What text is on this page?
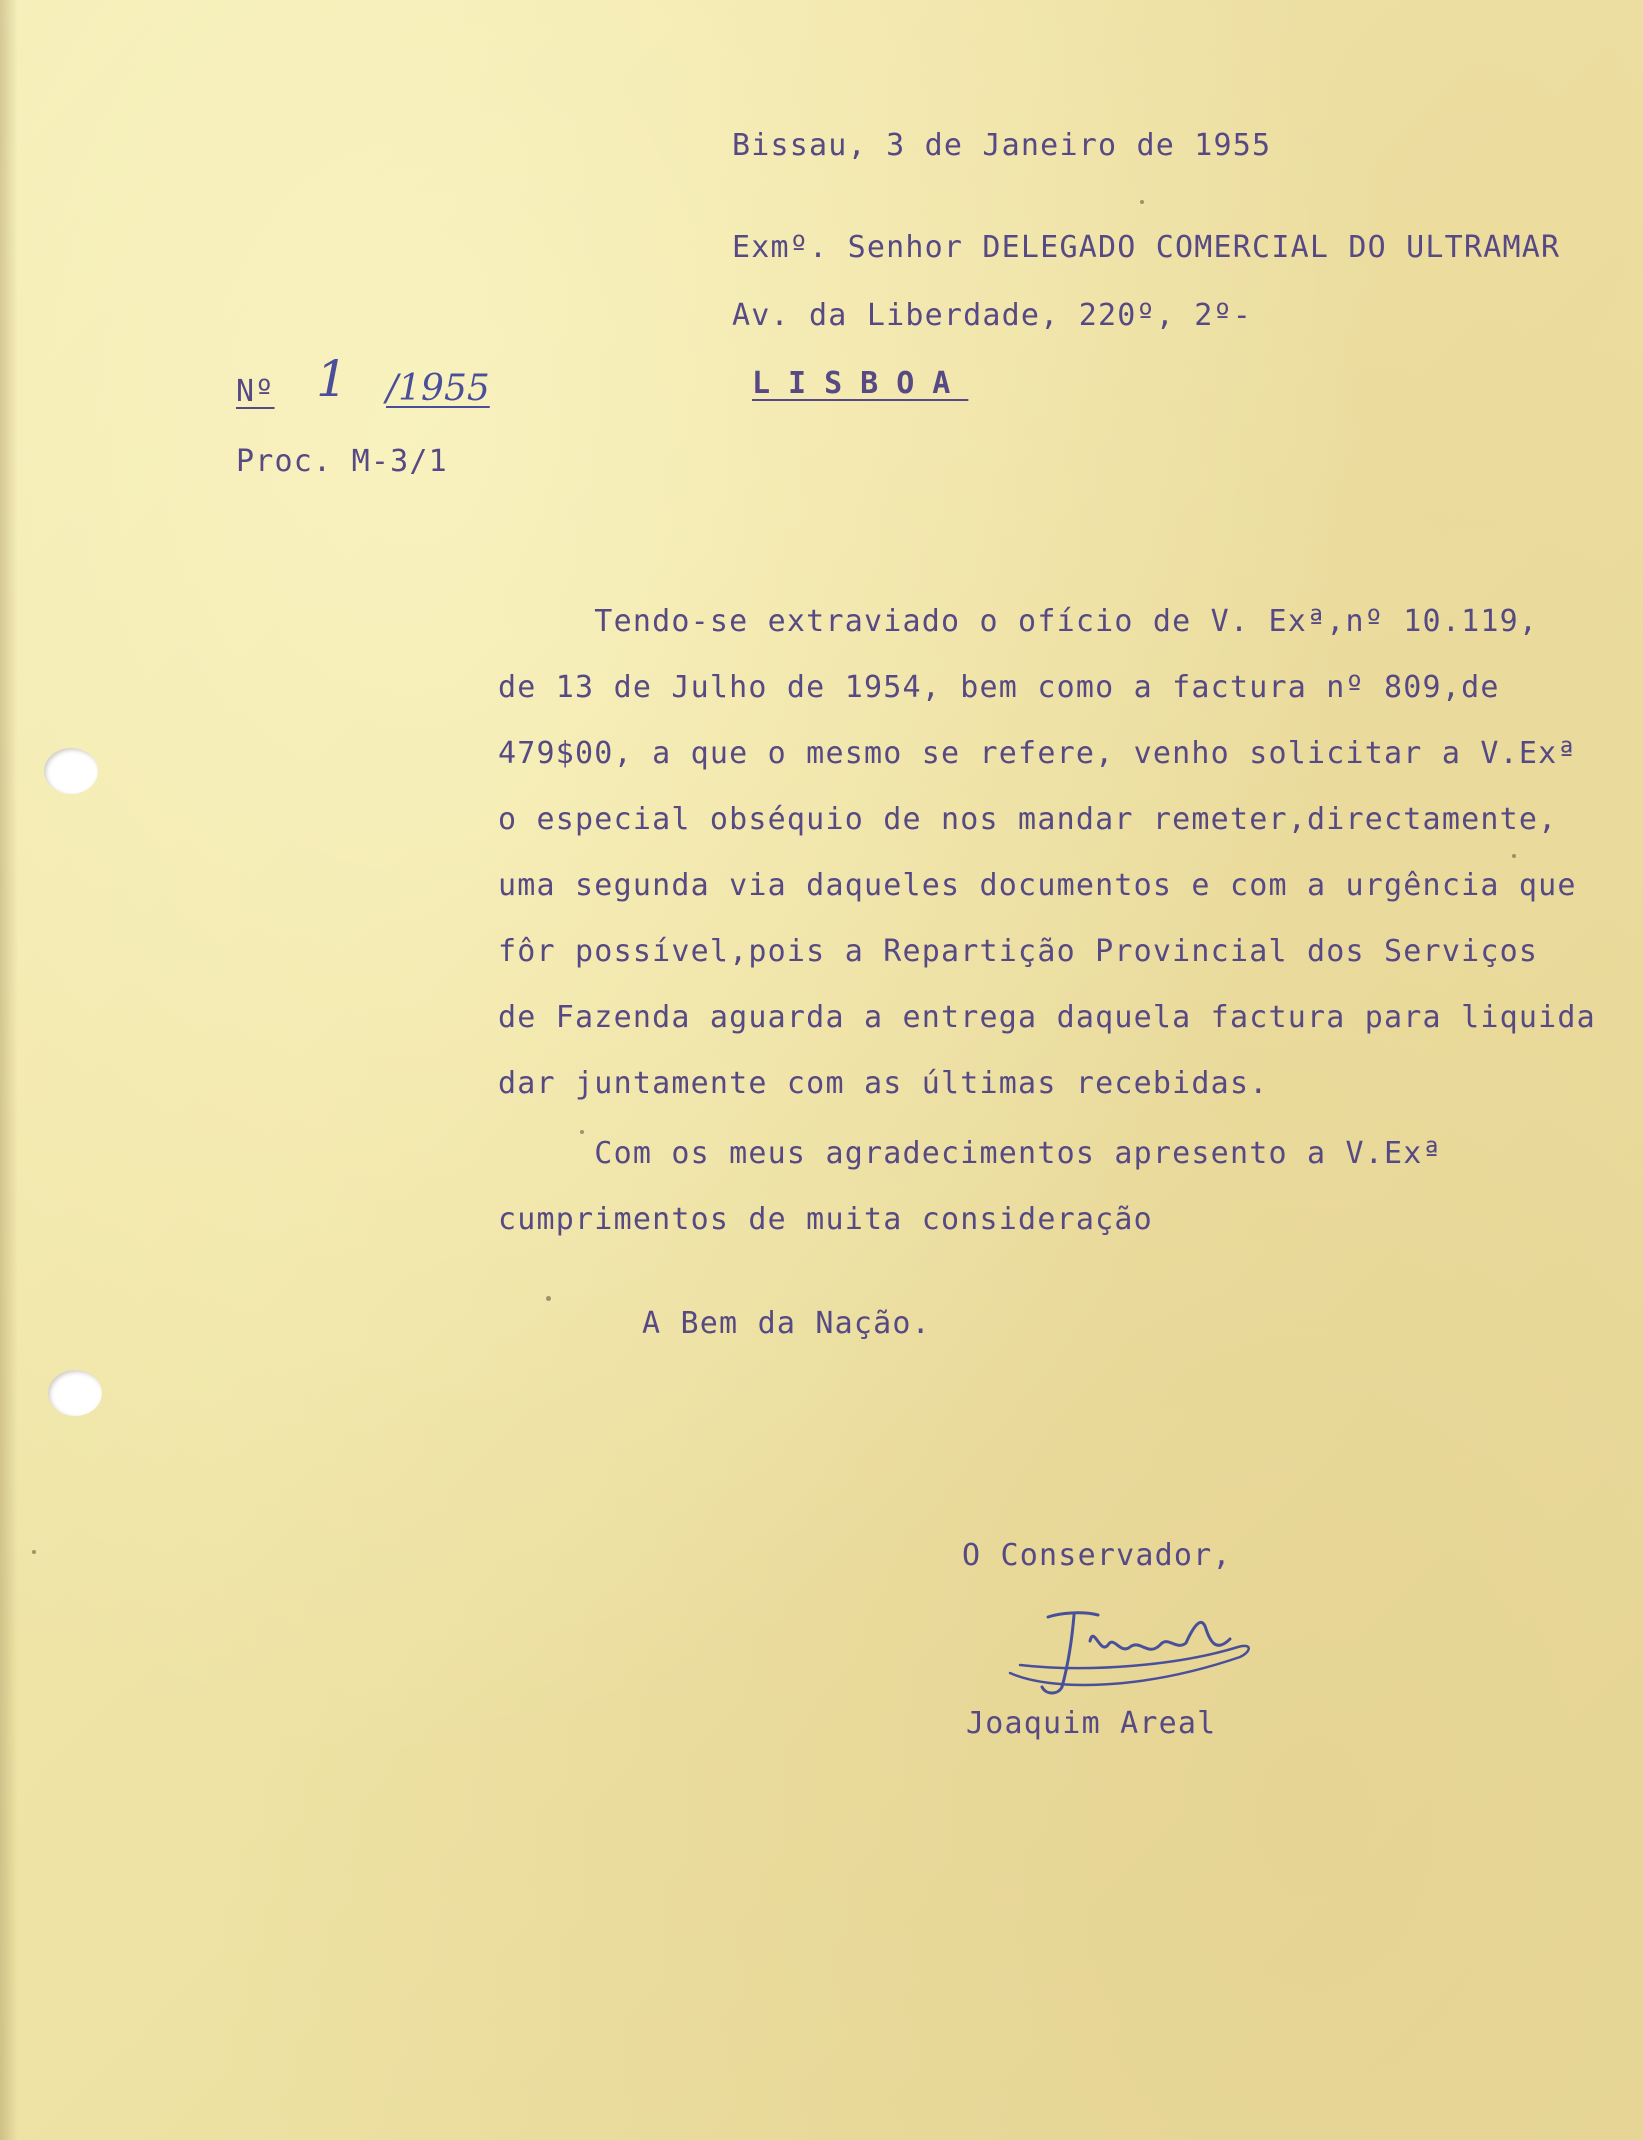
Bissau, 3 de Janeiro de 1955
Exmº. Senhor DELEGADO COMERCIAL DO ULTRAMAR
Av. da Liberdade, 220º, 2º-
LISBOA
Nº 1 /1955
Proc. M-3/1
Tendo-se extraviado o ofício de V. Exª,nº 10.119,
de 13 de Julho de 1954, bem como a factura nº 809,de
479$00, a que o mesmo se refere, venho solicitar a V.Exª
o especial obséquio de nos mandar remeter,directamente,
uma segunda via daqueles documentos e com a urgência que
fôr possível,pois a Repartição Provincial dos Serviços
de Fazenda aguarda a entrega daquela factura para liquida
dar juntamente com as últimas recebidas.
Com os meus agradecimentos apresento a V.Exª
cumprimentos de muita consideração
A Bem da Nação.
O Conservador,
Joaquim Areal
